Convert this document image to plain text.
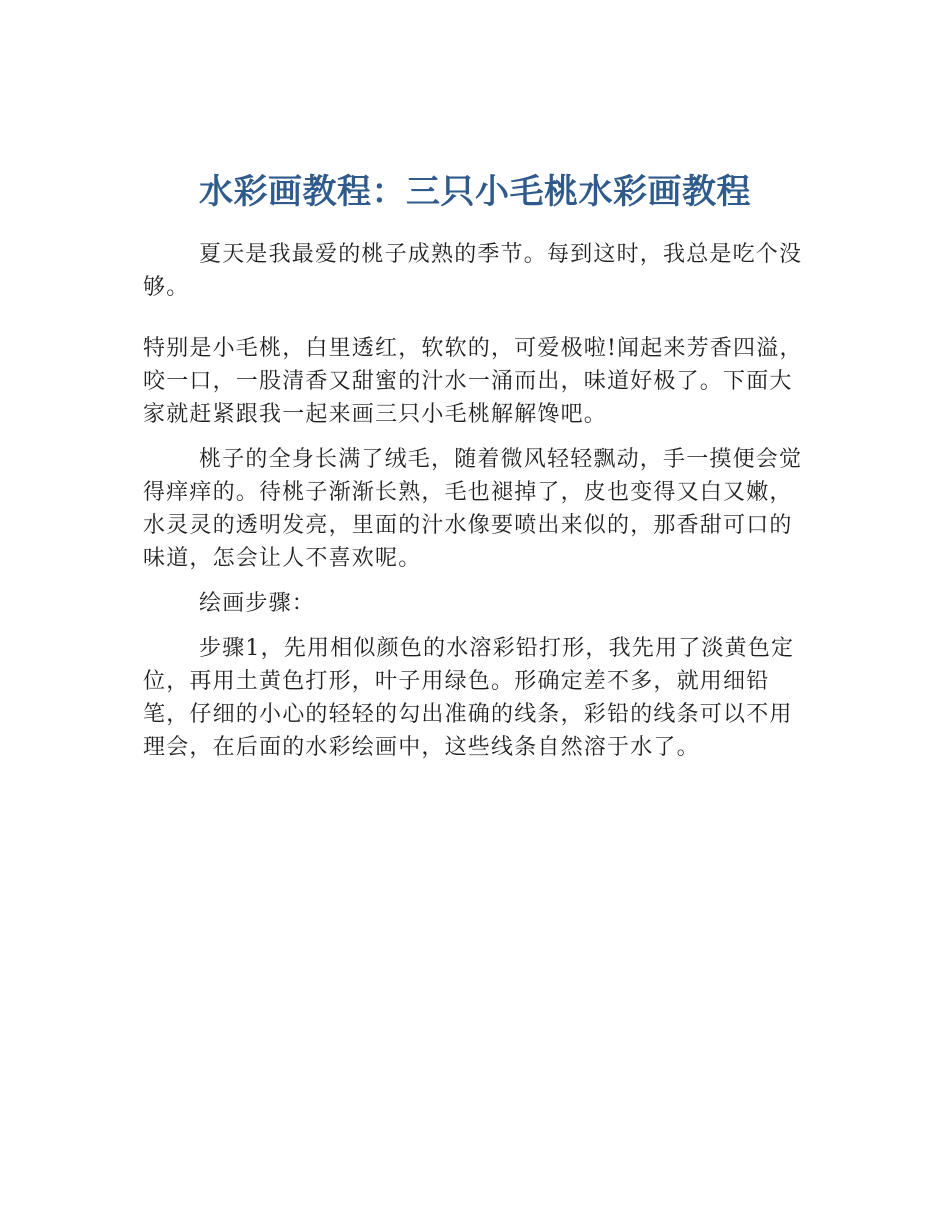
水彩画教程：三只小毛桃水彩画教程

夏天是我最爱的桃子成熟的季节。每到这时，我总是吃个没够。

特别是小毛桃，白里透红，软软的，可爱极啦!闻起来芳香四溢，咬一口，一股清香又甜蜜的汁水一涌而出，味道好极了。下面大家就赶紧跟我一起来画三只小毛桃解解馋吧。

桃子的全身长满了绒毛，随着微风轻轻飘动，手一摸便会觉得痒痒的。待桃子渐渐长熟，毛也褪掉了，皮也变得又白又嫩，水灵灵的透明发亮，里面的汁水像要喷出来似的，那香甜可口的味道，怎会让人不喜欢呢。

绘画步骤：

步骤1，先用相似颜色的水溶彩铅打形，我先用了淡黄色定位，再用土黄色打形，叶子用绿色。形确定差不多，就用细铅笔，仔细的小心的轻轻的勾出准确的线条，彩铅的线条可以不用理会，在后面的水彩绘画中，这些线条自然溶于水了。
